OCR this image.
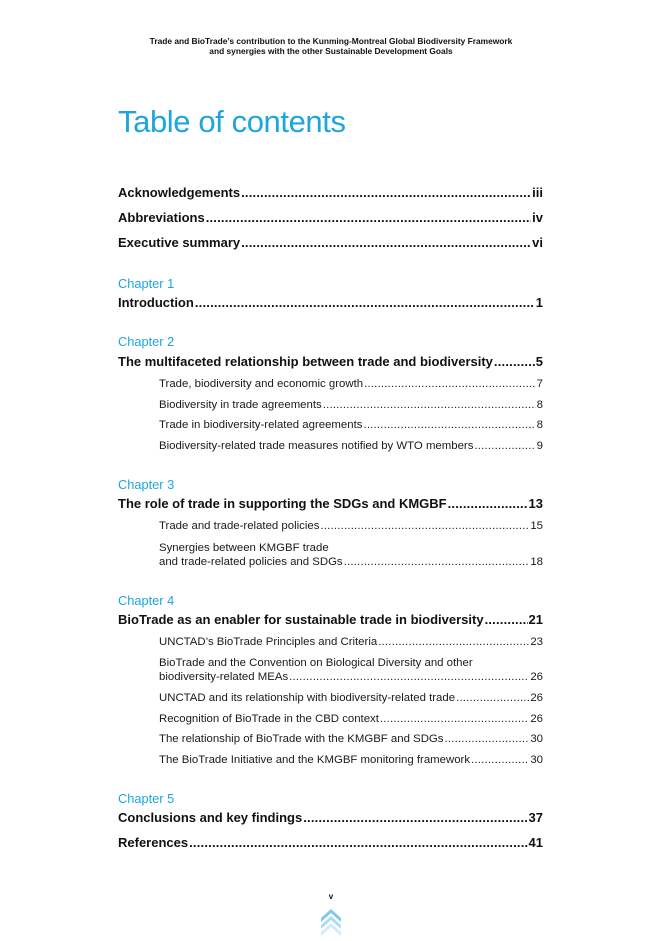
Trade and BioTrade’s contribution to the Kunming-Montreal Global Biodiversity Framework
and synergies with the other Sustainable Development Goals
Table of contents
Acknowledgements .....	iii
Abbreviations .....	iv
Executive summary .....	vi
Chapter 1
Introduction .....	1
Chapter 2
The multifaceted relationship between trade and biodiversity .....	5
Trade, biodiversity and economic growth .....	7
Biodiversity in trade agreements .....	8
Trade in biodiversity-related agreements .....	8
Biodiversity-related trade measures notified by WTO members .....	9
Chapter 3
The role of trade in supporting the SDGs and KMGBF .....	13
Trade and trade-related policies .....	15
Synergies between KMGBF trade
and trade-related policies and SDGs .....	18
Chapter 4
BioTrade as an enabler for sustainable trade in biodiversity .....	21
UNCTAD’s BioTrade Principles and Criteria .....	23
BioTrade and the Convention on Biological Diversity and other
biodiversity-related MEAs .....	26
UNCTAD and its relationship with biodiversity-related trade .....	26
Recognition of BioTrade in the CBD context .....	26
The relationship of BioTrade with the KMGBF and SDGs .....	30
The BioTrade Initiative and the KMGBF monitoring framework .....	30
Chapter 5
Conclusions and key findings .....	37
References .....	41
v
